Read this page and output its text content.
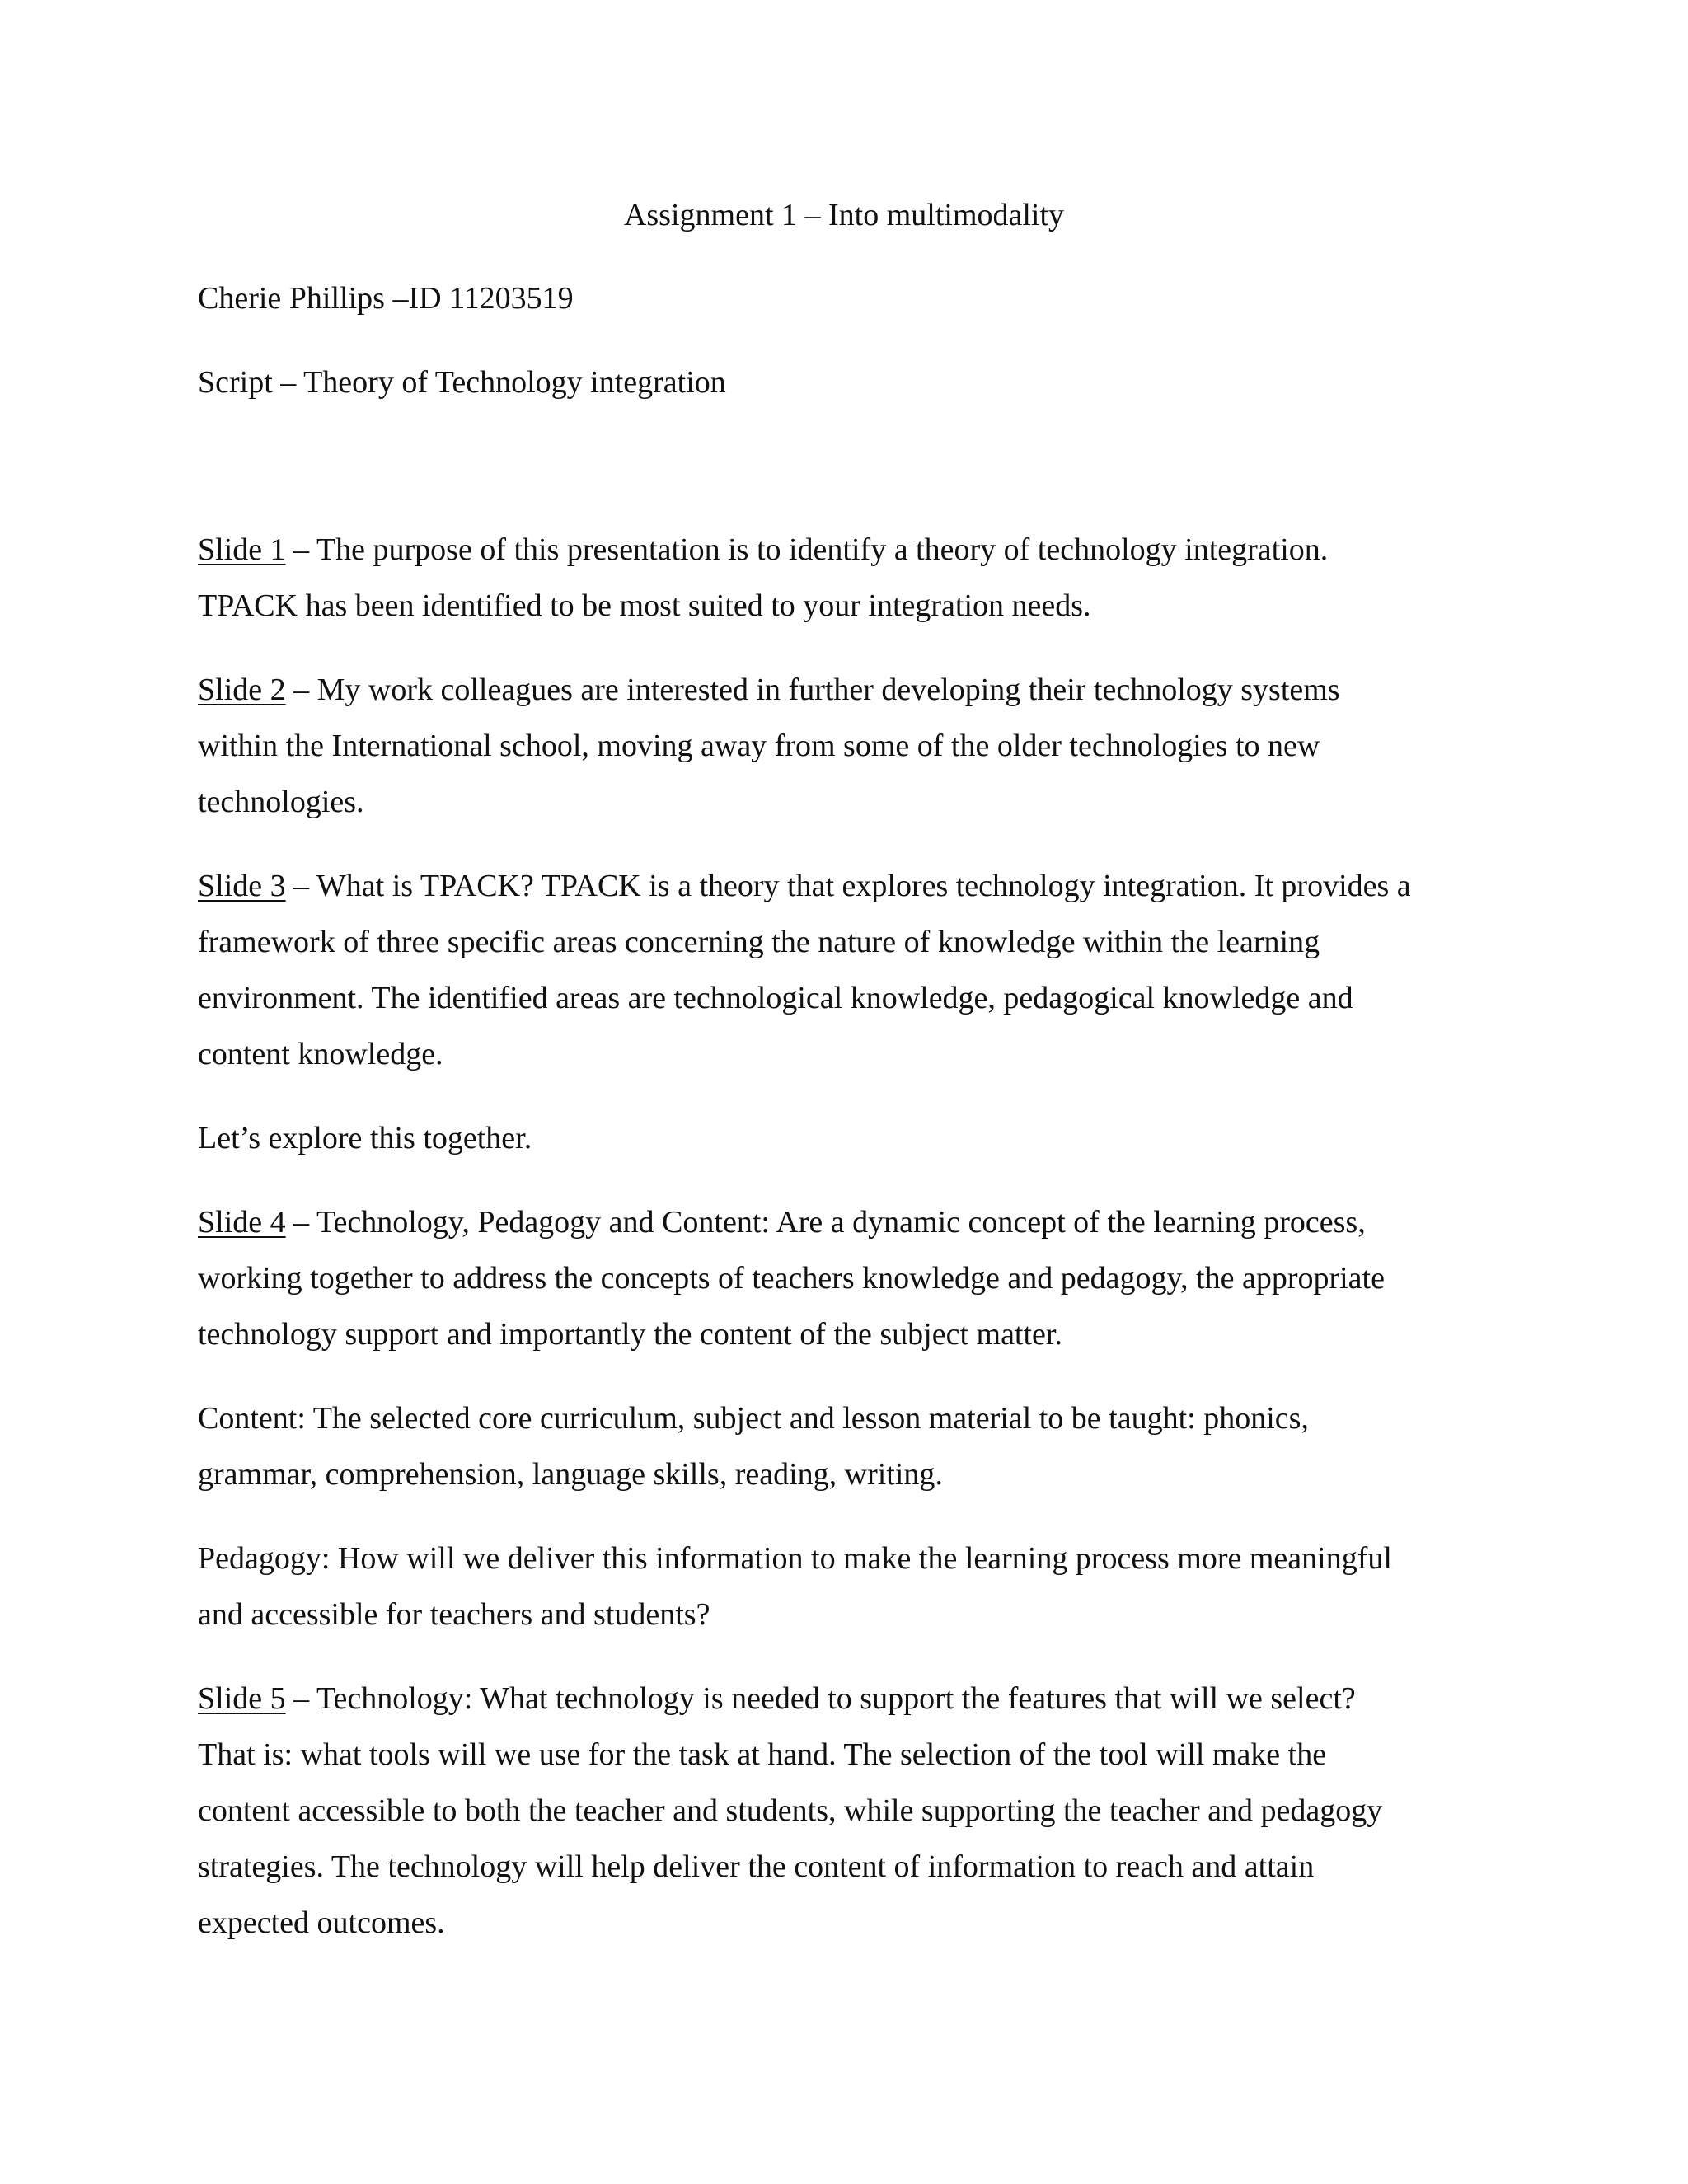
Assignment 1 – Into multimodality

Cherie Phillips –ID 11203519

Script – Theory of Technology integration

Slide 1 – The purpose of this presentation is to identify a theory of technology integration.

TPACK has been identified to be most suited to your integration needs.

Slide 2 – My work colleagues are interested in further developing their technology systems

within the International school, moving away from some of the older technologies to new

technologies.

Slide 3 – What is TPACK? TPACK is a theory that explores technology integration. It provides a

framework of three specific areas concerning the nature of knowledge within the learning

environment. The identified areas are technological knowledge, pedagogical knowledge and

content knowledge.

Let’s explore this together.

Slide 4 – Technology, Pedagogy and Content: Are a dynamic concept of the learning process,

working together to address the concepts of teachers knowledge and pedagogy, the appropriate

technology support and importantly the content of the subject matter.

Content: The selected core curriculum, subject and lesson material to be taught: phonics,

grammar, comprehension, language skills, reading, writing.

Pedagogy: How will we deliver this information to make the learning process more meaningful

and accessible for teachers and students?

Slide 5 – Technology: What technology is needed to support the features that will we select?

That is: what tools will we use for the task at hand. The selection of the tool will make the

content accessible to both the teacher and students, while supporting the teacher and pedagogy

strategies. The technology will help deliver the content of information to reach and attain

expected outcomes.
